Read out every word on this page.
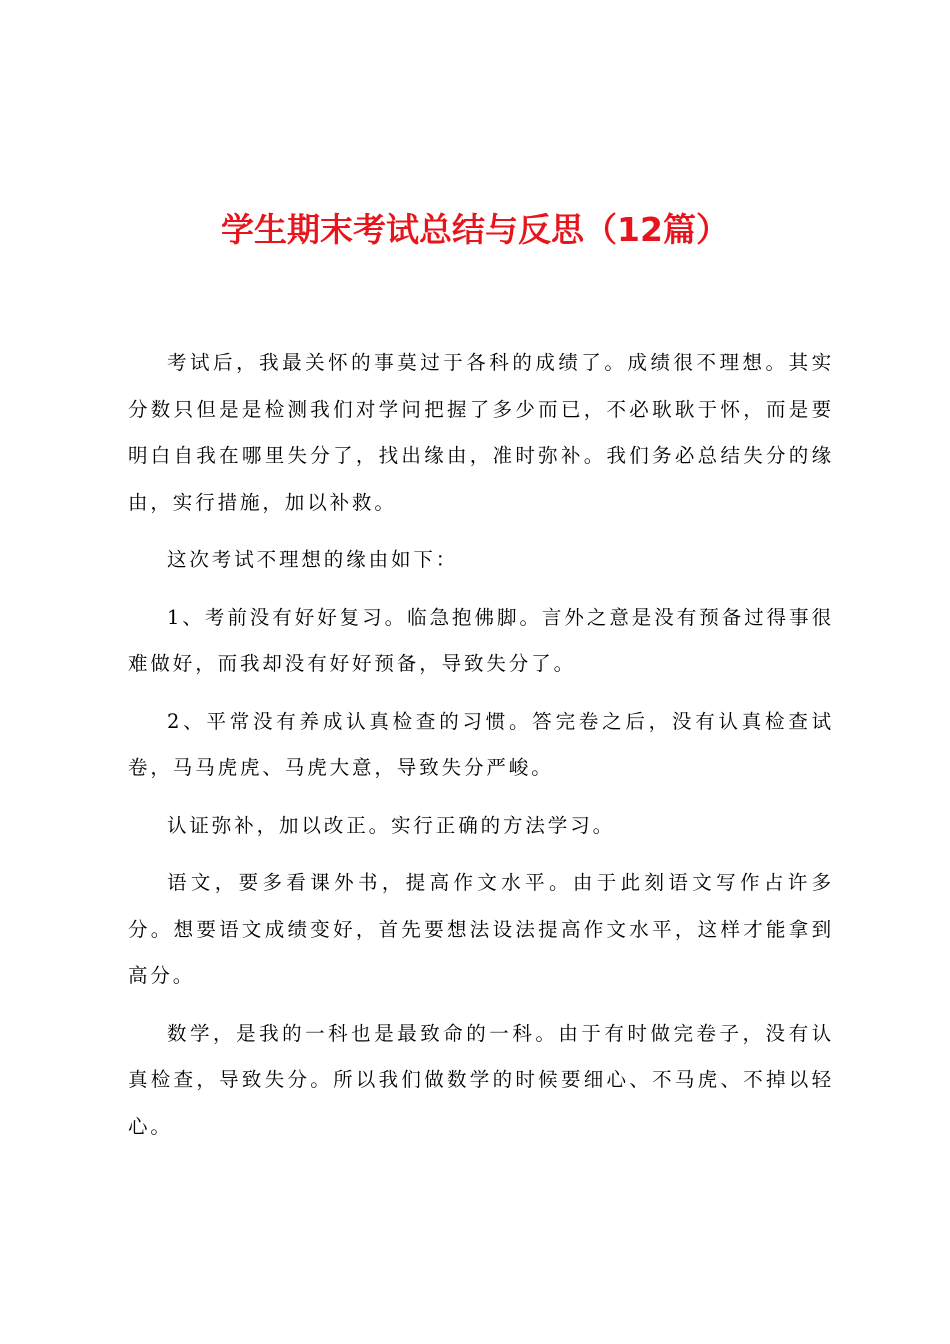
学生期末考试总结与反思（12篇）

考试后，我最关怀的事莫过于各科的成绩了。成绩很不理想。其实分数只但是是检测我们对学问把握了多少而已，不必耿耿于怀，而是要明白自我在哪里失分了，找出缘由，准时弥补。我们务必总结失分的缘由，实行措施，加以补救。

这次考试不理想的缘由如下：

1、考前没有好好复习。临急抱佛脚。言外之意是没有预备过得事很难做好，而我却没有好好预备，导致失分了。

2、平常没有养成认真检查的习惯。答完卷之后，没有认真检查试卷，马马虎虎、马虎大意，导致失分严峻。

认证弥补，加以改正。实行正确的方法学习。

语文，要多看课外书，提高作文水平。由于此刻语文写作占许多分。想要语文成绩变好，首先要想法设法提高作文水平，这样才能拿到高分。

数学，是我的一科也是最致命的一科。由于有时做完卷子，没有认真检查，导致失分。所以我们做数学的时候要细心、不马虎、不掉以轻心。
